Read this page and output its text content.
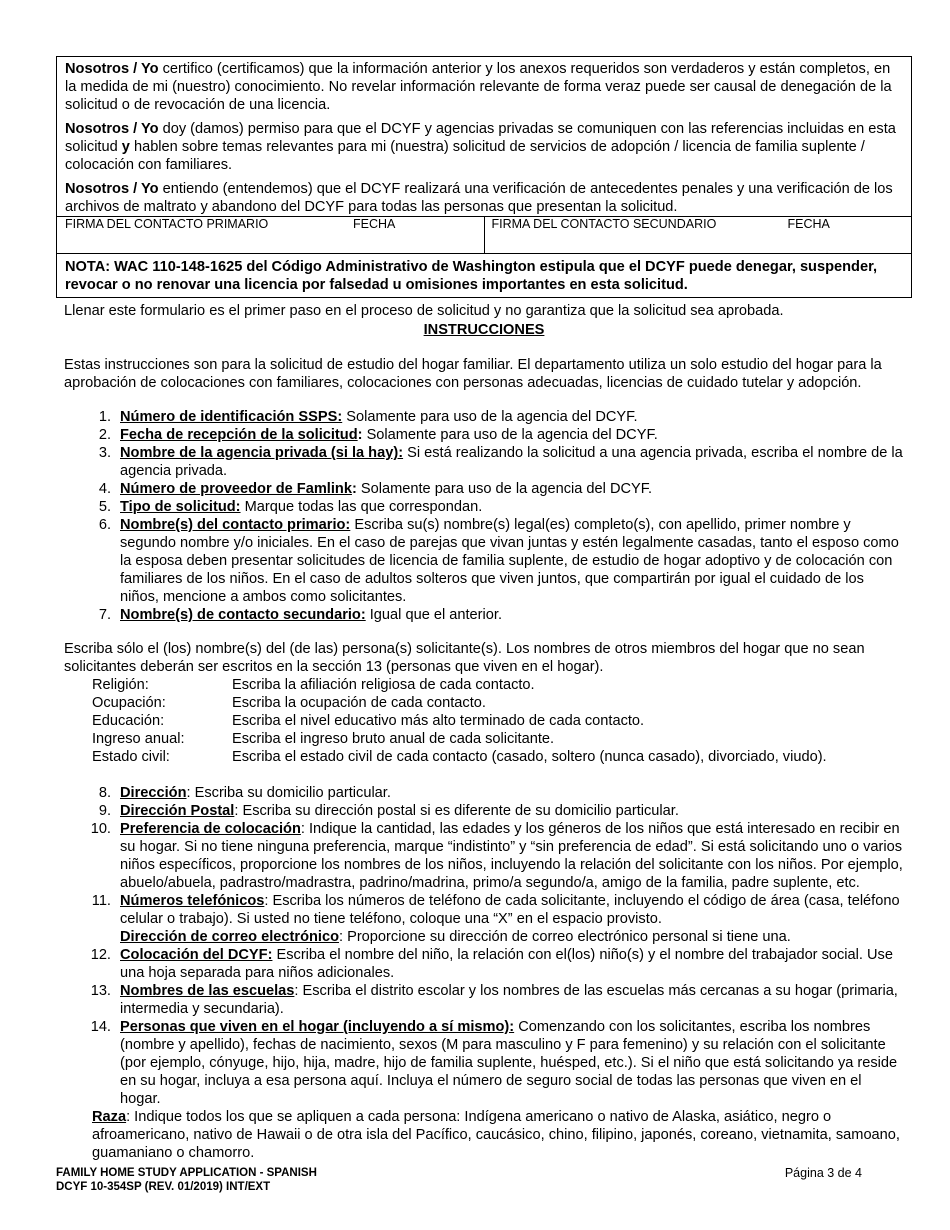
Nosotros / Yo certifico (certificamos) que la información anterior y los anexos requeridos son verdaderos y están completos, en la medida de mi (nuestro) conocimiento. No revelar información relevante de forma veraz puede ser causal de denegación de la solicitud o de revocación de una licencia.

Nosotros / Yo doy (damos) permiso para que el DCYF y agencias privadas se comuniquen con las referencias incluidas en esta solicitud y hablen sobre temas relevantes para mi (nuestra) solicitud de servicios de adopción / licencia de familia suplente / colocación con familiares.

Nosotros / Yo entiendo (entendemos) que el DCYF realizará una verificación de antecedentes penales y una verificación de los archivos de maltrato y abandono del DCYF para todas las personas que presentan la solicitud.

FIRMA DEL CONTACTO PRIMARIO	FECHA	FIRMA DEL CONTACTO SECUNDARIO	FECHA
NOTA: WAC 110-148-1625 del Código Administrativo de Washington estipula que el DCYF puede denegar, suspender, revocar o no renovar una licencia por falsedad u omisiones importantes en esta solicitud.
Llenar este formulario es el primer paso en el proceso de solicitud y no garantiza que la solicitud sea aprobada.
INSTRUCCIONES
Estas instrucciones son para la solicitud de estudio del hogar familiar. El departamento utiliza un solo estudio del hogar para la aprobación de colocaciones con familiares, colocaciones con personas adecuadas, licencias de cuidado tutelar y adopción.
1. Número de identificación SSPS: Solamente para uso de la agencia del DCYF.
2. Fecha de recepción de la solicitud: Solamente para uso de la agencia del DCYF.
3. Nombre de la agencia privada (si la hay): Si está realizando la solicitud a una agencia privada, escriba el nombre de la agencia privada.
4. Número de proveedor de Famlink: Solamente para uso de la agencia del DCYF.
5. Tipo de solicitud: Marque todas las que correspondan.
6. Nombre(s) del contacto primario: Escriba su(s) nombre(s) legal(es) completo(s), con apellido, primer nombre y segundo nombre y/o iniciales. En el caso de parejas que vivan juntas y estén legalmente casadas, tanto el esposo como la esposa deben presentar solicitudes de licencia de familia suplente, de estudio de hogar adoptivo y de colocación con familiares de los niños. En el caso de adultos solteros que viven juntos, que compartirán por igual el cuidado de los niños, mencione a ambos como solicitantes.
7. Nombre(s) de contacto secundario: Igual que el anterior.
Escriba sólo el (los) nombre(s) del (de las) persona(s) solicitante(s). Los nombres de otros miembros del hogar que no sean solicitantes deberán ser escritos en la sección 13 (personas que viven en el hogar).
Religión:	Escriba la afiliación religiosa de cada contacto.
Ocupación:	Escriba la ocupación de cada contacto.
Educación:	Escriba el nivel educativo más alto terminado de cada contacto.
Ingreso anual:	Escriba el ingreso bruto anual de cada solicitante.
Estado civil:	Escriba el estado civil de cada contacto (casado, soltero (nunca casado), divorciado, viudo).
8. Dirección: Escriba su domicilio particular.
9. Dirección Postal: Escriba su dirección postal si es diferente de su domicilio particular.
10. Preferencia de colocación: Indique la cantidad, las edades y los géneros de los niños que está interesado en recibir en su hogar. Si no tiene ninguna preferencia, marque “indistinto” y “sin preferencia de edad”. Si está solicitando uno o varios niños específicos, proporcione los nombres de los niños, incluyendo la relación del solicitante con los niños. Por ejemplo, abuelo/abuela, padrastro/madrastra, padrino/madrina, primo/a segundo/a, amigo de la familia, padre suplente, etc.
11. Números telefónicos: Escriba los números de teléfono de cada solicitante, incluyendo el código de área (casa, teléfono celular o trabajo). Si usted no tiene teléfono, coloque una “X” en el espacio provisto.
Dirección de correo electrónico: Proporcione su dirección de correo electrónico personal si tiene una.
12. Colocación del DCYF: Escriba el nombre del niño, la relación con el(los) niño(s) y el nombre del trabajador social. Use una hoja separada para niños adicionales.
13. Nombres de las escuelas: Escriba el distrito escolar y los nombres de las escuelas más cercanas a su hogar (primaria, intermedia y secundaria).
14. Personas que viven en el hogar (incluyendo a sí mismo): Comenzando con los solicitantes, escriba los nombres (nombre y apellido), fechas de nacimiento, sexos (M para masculino y F para femenino) y su relación con el solicitante (por ejemplo, cónyuge, hijo, hija, madre, hijo de familia suplente, huésped, etc.). Si el niño que está solicitando ya reside en su hogar, incluya a esa persona aquí. Incluya el número de seguro social de todas las personas que viven en el hogar.
Raza: Indique todos los que se apliquen a cada persona: Indígena americano o nativo de Alaska, asiático, negro o afroamericano, nativo de Hawaii o de otra isla del Pacífico, caucásico, chino, filipino, japonés, coreano, vietnamita, samoano, guamaniano o chamorro.
FAMILY HOME STUDY APPLICATION - SPANISH
DCYF 10-354SP (REV. 01/2019) INT/EXT
Página 3 de 4
